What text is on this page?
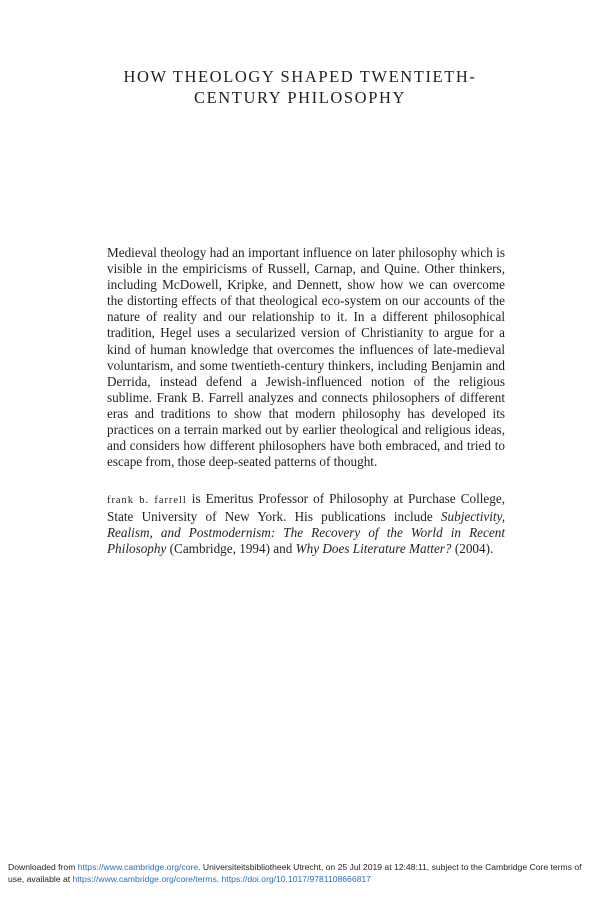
HOW THEOLOGY SHAPED TWENTIETH-
CENTURY PHILOSOPHY

Medieval theology had an important influence on later philosophy which is visible in the empiricisms of Russell, Carnap, and Quine. Other thinkers, including McDowell, Kripke, and Dennett, show how we can overcome the distorting effects of that theological eco-system on our accounts of the nature of reality and our relationship to it. In a different philosophical tradition, Hegel uses a secularized version of Christianity to argue for a kind of human knowledge that overcomes the influences of late-medieval voluntarism, and some twentieth-century thinkers, including Benjamin and Derrida, instead defend a Jewish-influenced notion of the religious sublime. Frank B. Farrell analyzes and connects philosophers of different eras and traditions to show that modern philosophy has developed its practices on a terrain marked out by earlier theological and religious ideas, and considers how different philosophers have both embraced, and tried to escape from, those deep-seated patterns of thought.

frank b. farrell is Emeritus Professor of Philosophy at Purchase College, State University of New York. His publications include Subjectivity, Realism, and Postmodernism: The Recovery of the World in Recent Philosophy (Cambridge, 1994) and Why Does Literature Matter? (2004).

Downloaded from https://www.cambridge.org/core. Universiteitsbibliotheek Utrecht, on 25 Jul 2019 at 12:48:11, subject to the Cambridge Core terms of use, available at https://www.cambridge.org/core/terms. https://doi.org/10.1017/9781108666817
